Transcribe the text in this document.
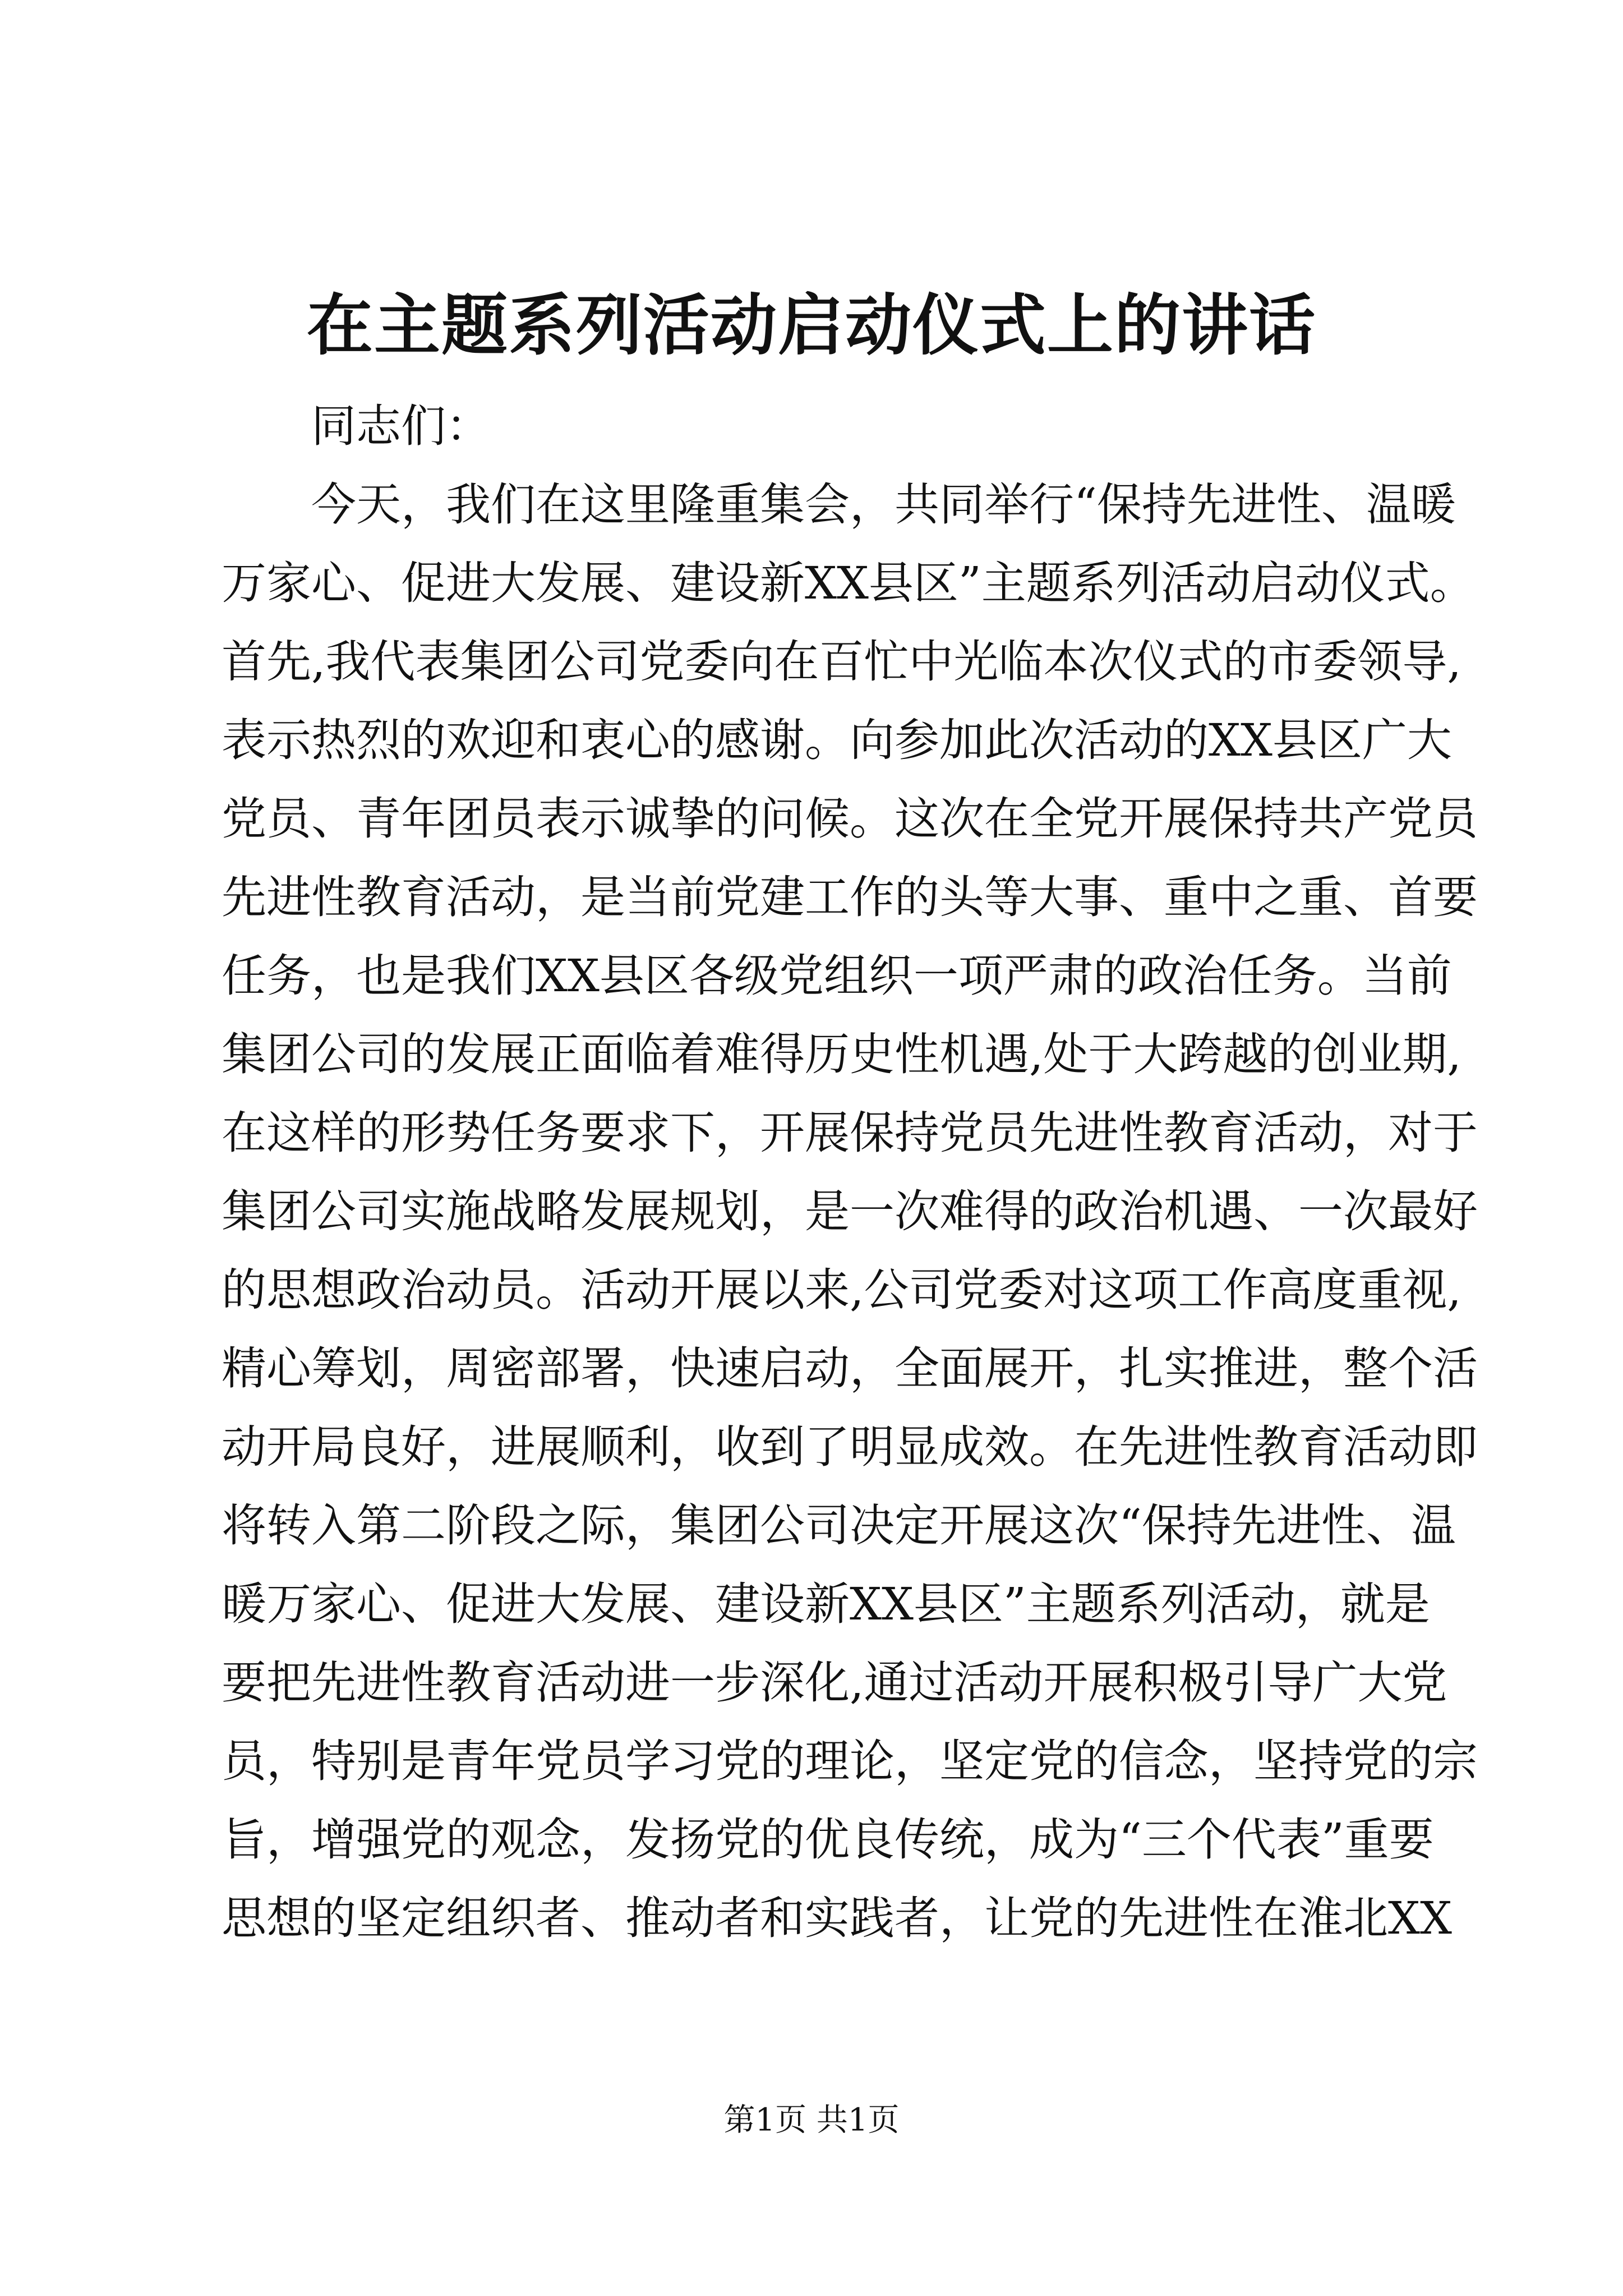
在主题系列活动启动仪式上的讲话

同志们：

今天，我们在这里隆重集会，共同举行“保持先进性、温暖

万家心、促进大发展、建设新XX县区”主题系列活动启动仪式。

首先,我代表集团公司党委向在百忙中光临本次仪式的市委领导,

表示热烈的欢迎和衷心的感谢。向参加此次活动的XX县区广大

党员、青年团员表示诚挚的问候。这次在全党开展保持共产党员

先进性教育活动，是当前党建工作的头等大事、重中之重、首要

任务，也是我们XX县区各级党组织一项严肃的政治任务。当前

集团公司的发展正面临着难得历史性机遇,处于大跨越的创业期,

在这样的形势任务要求下，开展保持党员先进性教育活动，对于

集团公司实施战略发展规划，是一次难得的政治机遇、一次最好

的思想政治动员。活动开展以来,公司党委对这项工作高度重视,

精心筹划，周密部署，快速启动，全面展开，扎实推进，整个活

动开局良好，进展顺利，收到了明显成效。在先进性教育活动即

将转入第二阶段之际，集团公司决定开展这次“保持先进性、温

暖万家心、促进大发展、建设新XX县区”主题系列活动，就是

要把先进性教育活动进一步深化,通过活动开展积极引导广大党

员，特别是青年党员学习党的理论，坚定党的信念，坚持党的宗

旨，增强党的观念，发扬党的优良传统，成为“三个代表”重要

思想的坚定组织者、推动者和实践者，让党的先进性在淮北XX

第1页 共1页
